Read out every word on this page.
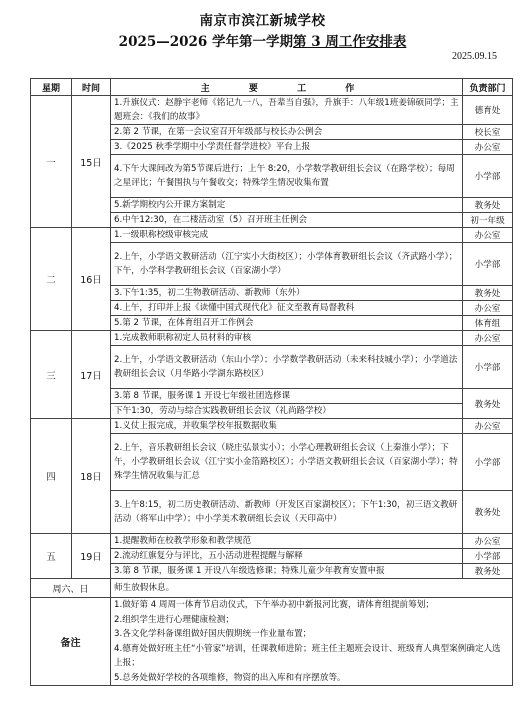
南京市滨江新城学校
2025—2026 学年第一学期第 3 周工作安排表
2025.09.15
星期	时间	主 要 工 作	负责部门
一	15日	1.升旗仪式：赵静宇老师《铭记九一八，吾辈当自强》，升旗手：八年级1班姜锦硕同学；主题班会：《我们的故事》	德育处
		2.第 2 节课，在第一会议室召开年级部与校长办公例会	校长室
		3.《2025 秋季学期中小学责任督学进校》平台上报	办公室
		4.下午大课间改为第5节课后进行；上午 8:20，小学数学教研组长会议（在路学校）；每周之星评比；午餐围执与午餐收交；特殊学生情况收集布置	小学部
		5.新学期校内公开课方案制定	教务处
		6.中午12:30，在二楼活动室（5）召开班主任例会	初一年级
二	16日	1.一级职称校级审核完成	办公室
		2.上午，小学语文教研活动（江宁实小大街校区）；小学体育教研组长会议（齐武路小学）；下午，小学科学教研组长会议（百家湖小学）	小学部
		3.下午1:35，初二生物教研活动、新教师（东外）	教务处
		4.上午，打印并上报《读懂中国式现代化》征文至教育局督教科	办公室
		5.第 2 节课，在体育组召开工作例会	体育组
三	17日	1.完成教师职称初定人员材料的审核	办公室
		2.上午，小学语文教研活动（东山小学）；小学数学教研活动（未来科技城小学）；小学道法教研组长会议（月华路小学湖东路校区）	小学部
		3.第 8 节课，服务课 1 开设七年级社团选修课	教务处
		下午1:30，劳动与综合实践教研组长会议（礼尚路学校）	
四	18日	1.义仗上报完成，并收集学校年报数据收集	办公室
		2.上午，音乐教研组长会议（晓庄弘景实小）；小学心理教研组长会议（上秦淮小学）；下午，小学教研组长会议（江宁实小金箔路校区）；小学语文教研组长会议（百家湖小学）；特殊学生情况收集与汇总	小学部
		3.上午8:15，初二历史教研活动、新教师（开发区百家湖校区）；下午1:30，初三语文教研活动（将军山中学）；中小学美术教研组长会议（天印高中）	教务处
五	19日	1.提醒教师在校教学形象和教学规范	办公室
		2.流动红旗复分与评比，五小活动进程提醒与解释	小学部
		3.第 8 节课，服务课 1 开设八年级选修课；特殊儿童少年教育安置申报	教务处
周六、日		师生放假休息。	
备注		1.做好第 4 周周一体育节启动仪式，下午举办初中新报河比赛，请体育组提前筹划；
2.组织学生进行心理健康检测；
3.各文化学科备课组做好国庆假期统一作业量布置；
4.德育处做好班主任“小管家”培训，任课教师进阶；班主任主题班会设计、班级育人典型案例确定人选上报；
5.总务处做好学校的各项维修，物资的出入库和有序摆放等。	
